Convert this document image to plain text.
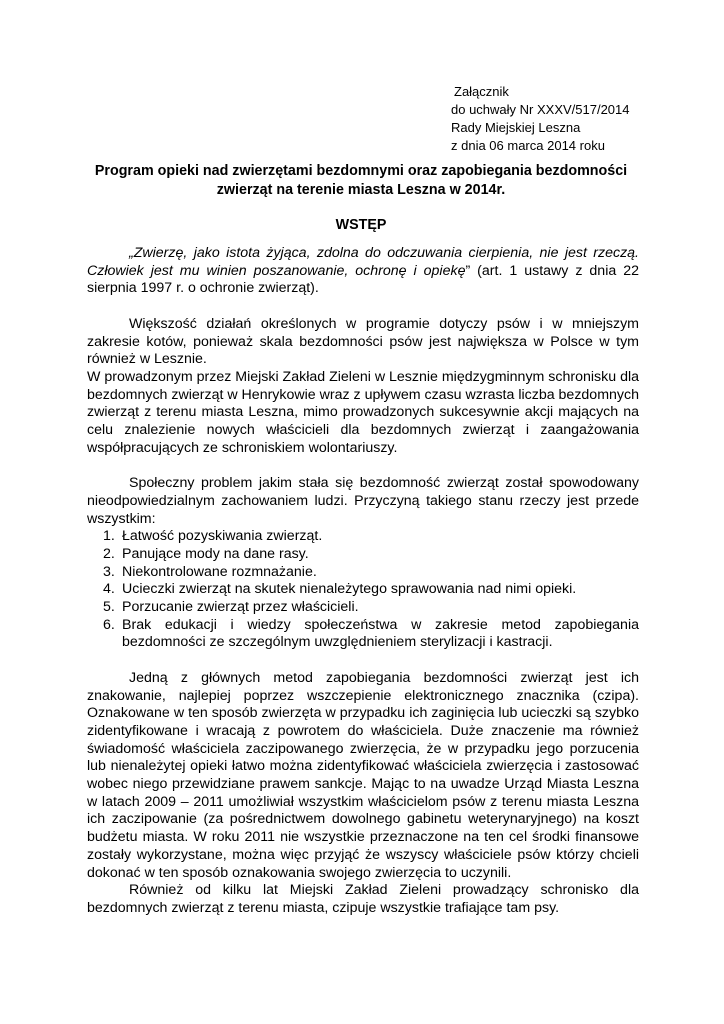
Załącznik
do uchwały Nr XXXV/517/2014
Rady Miejskiej Leszna
z dnia 06 marca 2014 roku
Program opieki nad zwierzętami bezdomnymi oraz zapobiegania bezdomności
zwierząt na terenie miasta Leszna w 2014r.
WSTĘP

„Zwierzę, jako istota żyjąca, zdolna do odczuwania cierpienia, nie jest rzeczą. Człowiek jest mu winien poszanowanie, ochronę i opiekę” (art. 1 ustawy z dnia 22 sierpnia 1997 r. o ochronie zwierząt).

Większość działań określonych w programie dotyczy psów i w mniejszym zakresie kotów, ponieważ skala bezdomności psów jest największa w Polsce w tym również w Lesznie.

W prowadzonym przez Miejski Zakład Zieleni w Lesznie międzygminnym schronisku dla bezdomnych zwierząt w Henrykowie wraz z upływem czasu wzrasta liczba bezdomnych zwierząt z terenu miasta Leszna, mimo prowadzonych sukcesywnie akcji mających na celu znalezienie nowych właścicieli dla bezdomnych zwierząt i zaangażowania współpracujących ze schroniskiem wolontariuszy.

Społeczny problem jakim stała się bezdomność zwierząt został spowodowany nieodpowiedzialnym zachowaniem ludzi. Przyczyną takiego stanu rzeczy jest przede wszystkim:

1. Łatwość pozyskiwania zwierząt.
2. Panujące mody na dane rasy.
3. Niekontrolowane rozmnażanie.
4. Ucieczki zwierząt na skutek nienależytego sprawowania nad nimi opieki.
5. Porzucanie zwierząt przez właścicieli.
6. Brak edukacji i wiedzy społeczeństwa w zakresie metod zapobiegania bezdomności ze szczególnym uwzględnieniem sterylizacji i kastracji.

Jedną z głównych metod zapobiegania bezdomności zwierząt jest ich znakowanie, najlepiej poprzez wszczepienie elektronicznego znacznika (czipa). Oznakowane w ten sposób zwierzęta w przypadku ich zaginięcia lub ucieczki są szybko zidentyfikowane i wracają z powrotem do właściciela. Duże znaczenie ma również świadomość właściciela zaczipowanego zwierzęcia, że w przypadku jego porzucenia lub nienależytej opieki łatwo można zidentyfikować właściciela zwierzęcia i zastosować wobec niego przewidziane prawem sankcje. Mając to na uwadze Urząd Miasta Leszna w latach 2009 – 2011 umożliwiał wszystkim właścicielom psów z terenu miasta Leszna ich zaczipowanie (za pośrednictwem dowolnego gabinetu weterynaryjnego) na koszt budżetu miasta. W roku 2011 nie wszystkie przeznaczone na ten cel środki finansowe zostały wykorzystane, można więc przyjąć że wszyscy właściciele psów którzy chcieli dokonać w ten sposób oznakowania swojego zwierzęcia to uczynili.

Również od kilku lat Miejski Zakład Zieleni prowadzący schronisko dla bezdomnych zwierząt z terenu miasta, czipuje wszystkie trafiające tam psy.
